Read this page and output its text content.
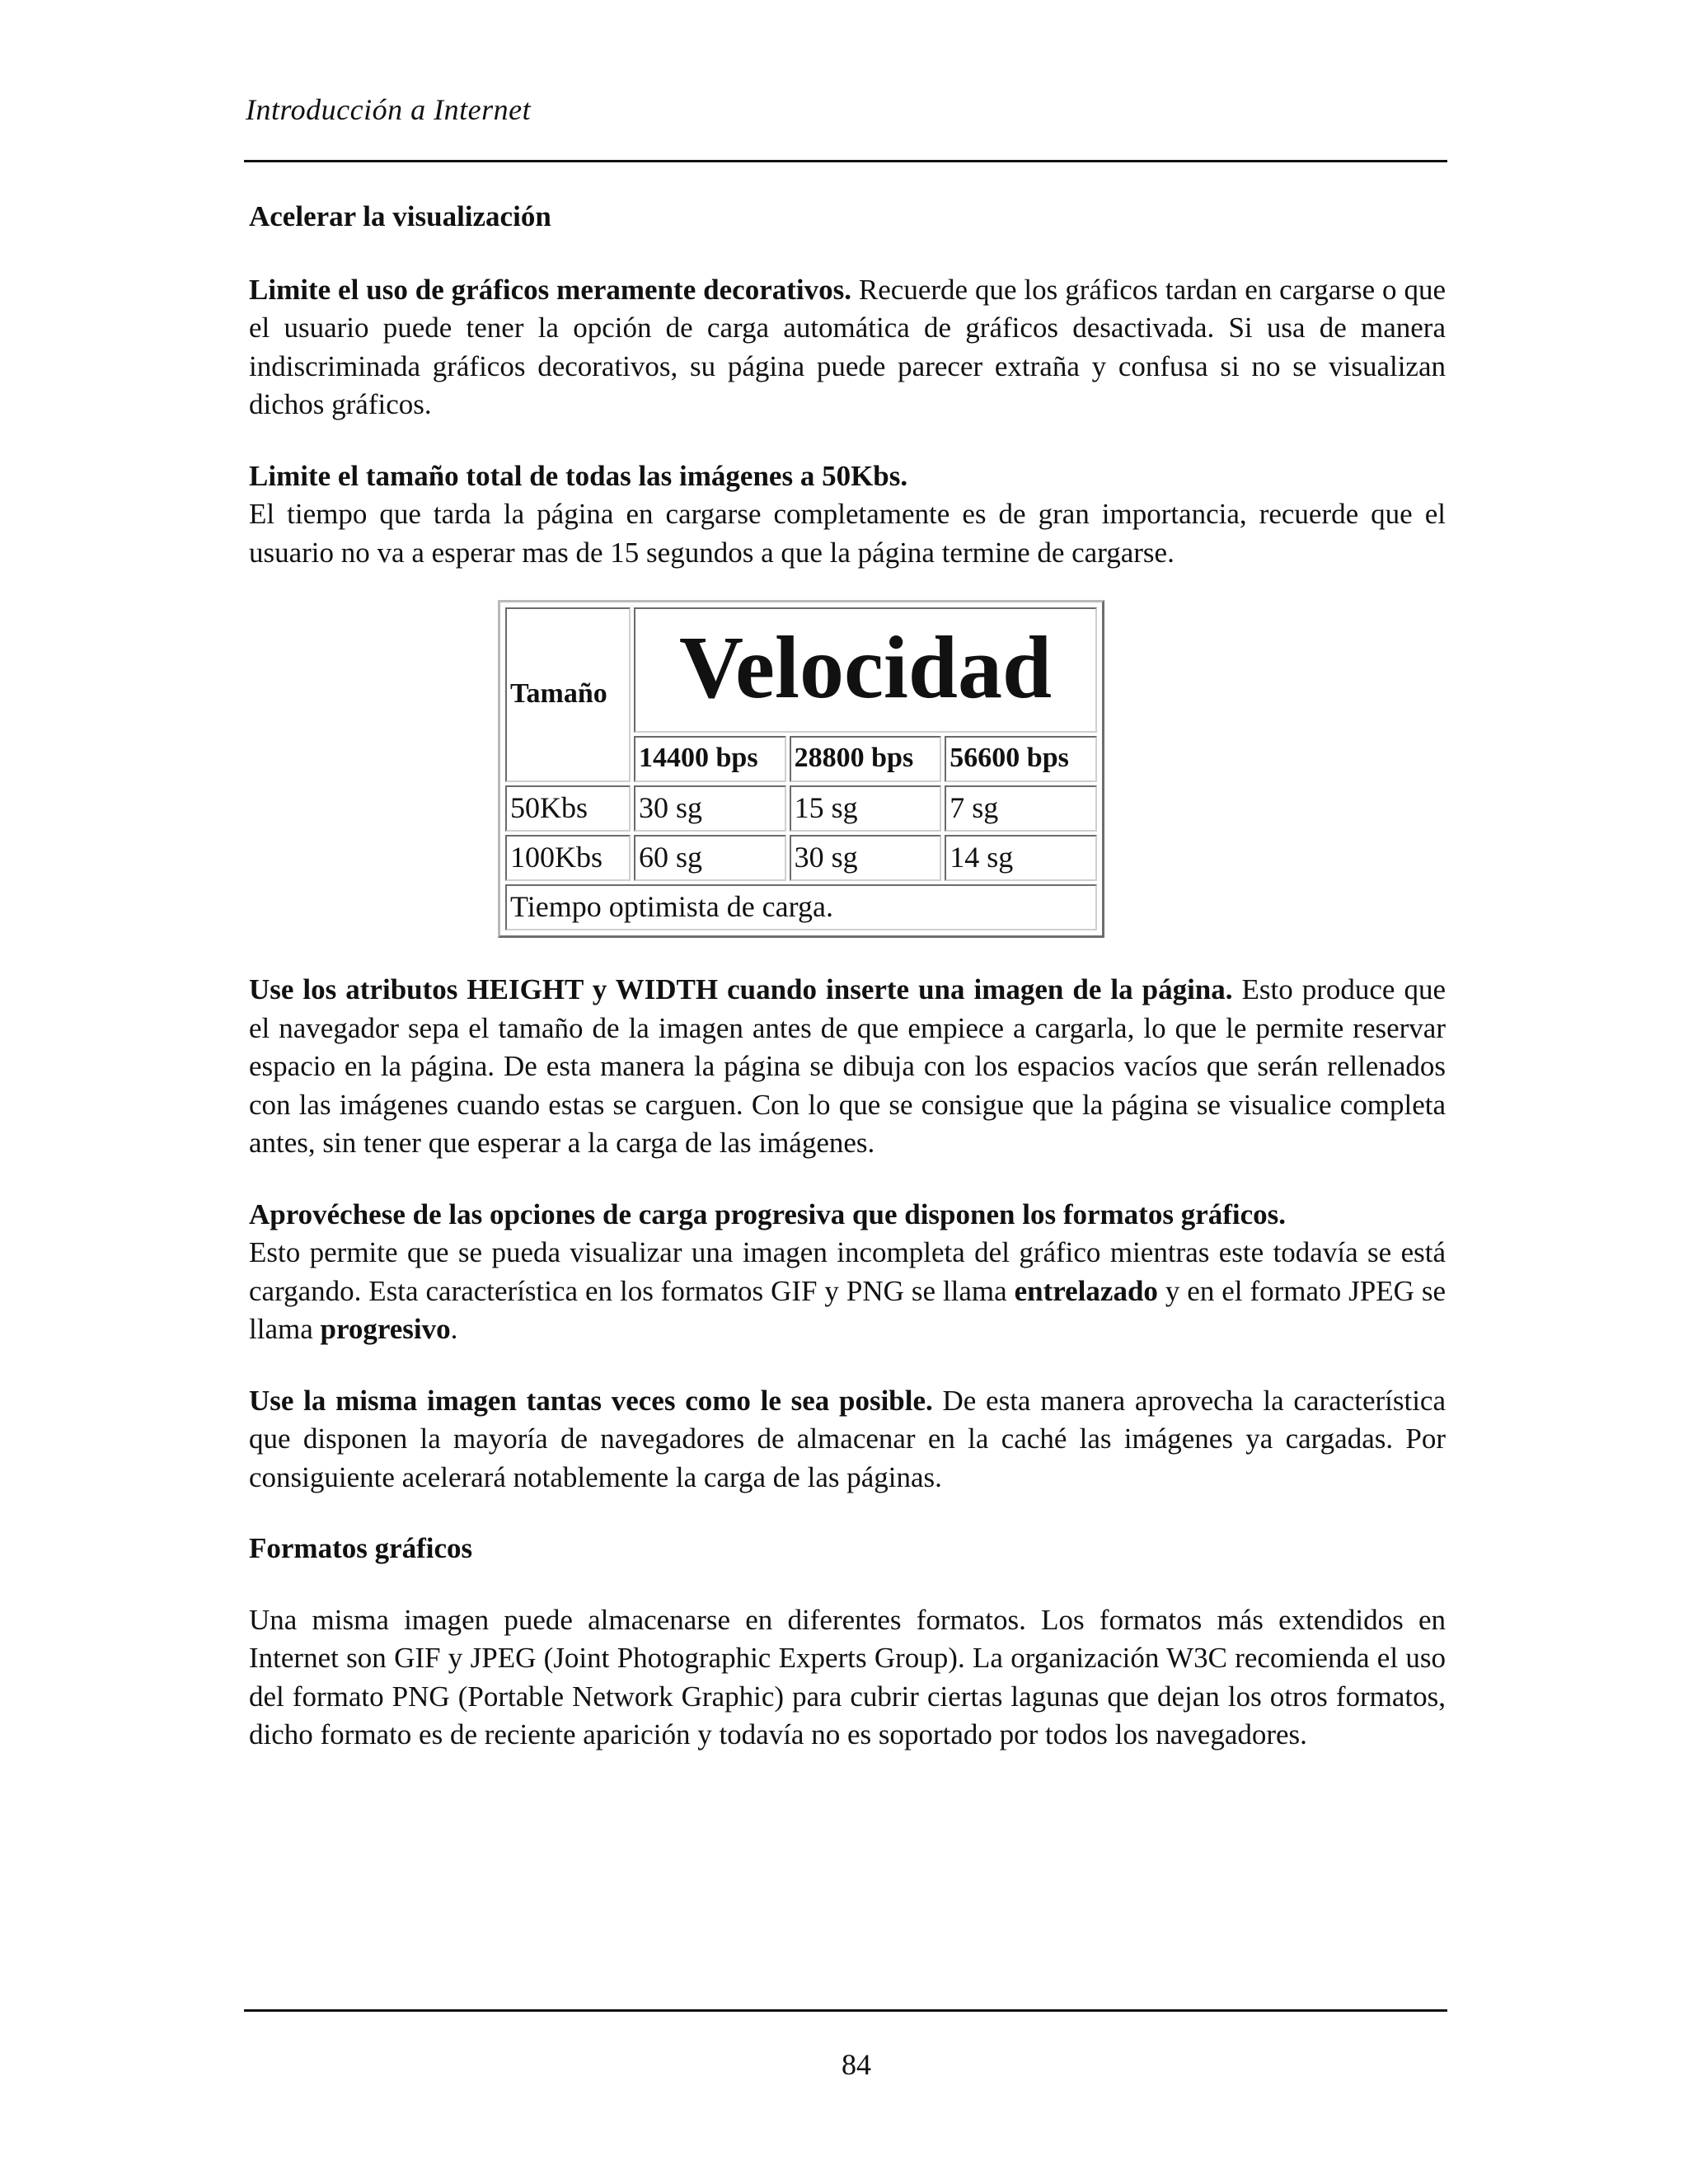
Introducción a Internet

Acelerar la visualización

Limite el uso de gráficos meramente decorativos. Recuerde que los gráficos tardan en cargarse o que el usuario puede tener la opción de carga automática de gráficos desactivada. Si usa de manera indiscriminada gráficos decorativos, su página puede parecer extraña y confusa si no se visualizan dichos gráficos.

Limite el tamaño total de todas las imágenes a 50Kbs.

El tiempo que tarda la página en cargarse completamente es de gran importancia, recuerde que el usuario no va a esperar mas de 15 segundos a que la página termine de cargarse.

Tamaño	Velocidad		
	14400 bps	28800 bps	56600 bps
50Kbs	30 sg	15 sg	7 sg
100Kbs	60 sg	30 sg	14 sg
Tiempo optimista de carga.			

Use los atributos HEIGHT y WIDTH cuando inserte una imagen de la página. Esto produce que el navegador sepa el tamaño de la imagen antes de que empiece a cargarla, lo que le permite reservar espacio en la página. De esta manera la página se dibuja con los espacios vacíos que serán rellenados con las imágenes cuando estas se carguen. Con lo que se consigue que la página se visualice completa antes, sin tener que esperar a la carga de las imágenes.

Aprovéchese de las opciones de carga progresiva que disponen los formatos gráficos.

Esto permite que se pueda visualizar una imagen incompleta del gráfico mientras este todavía se está cargando. Esta característica en los formatos GIF y PNG se llama entrelazado y en el formato JPEG se llama progresivo.

Use la misma imagen tantas veces como le sea posible. De esta manera aprovecha la característica que disponen la mayoría de navegadores de almacenar en la caché las imágenes ya cargadas. Por consiguiente acelerará notablemente la carga de las páginas.

Formatos gráficos

Una misma imagen puede almacenarse en diferentes formatos. Los formatos más extendidos en Internet son GIF y JPEG (Joint Photographic Experts Group). La organización W3C recomienda el uso del formato PNG (Portable Network Graphic) para cubrir ciertas lagunas que dejan los otros formatos, dicho formato es de reciente aparición y todavía no es soportado por todos los navegadores.

84
